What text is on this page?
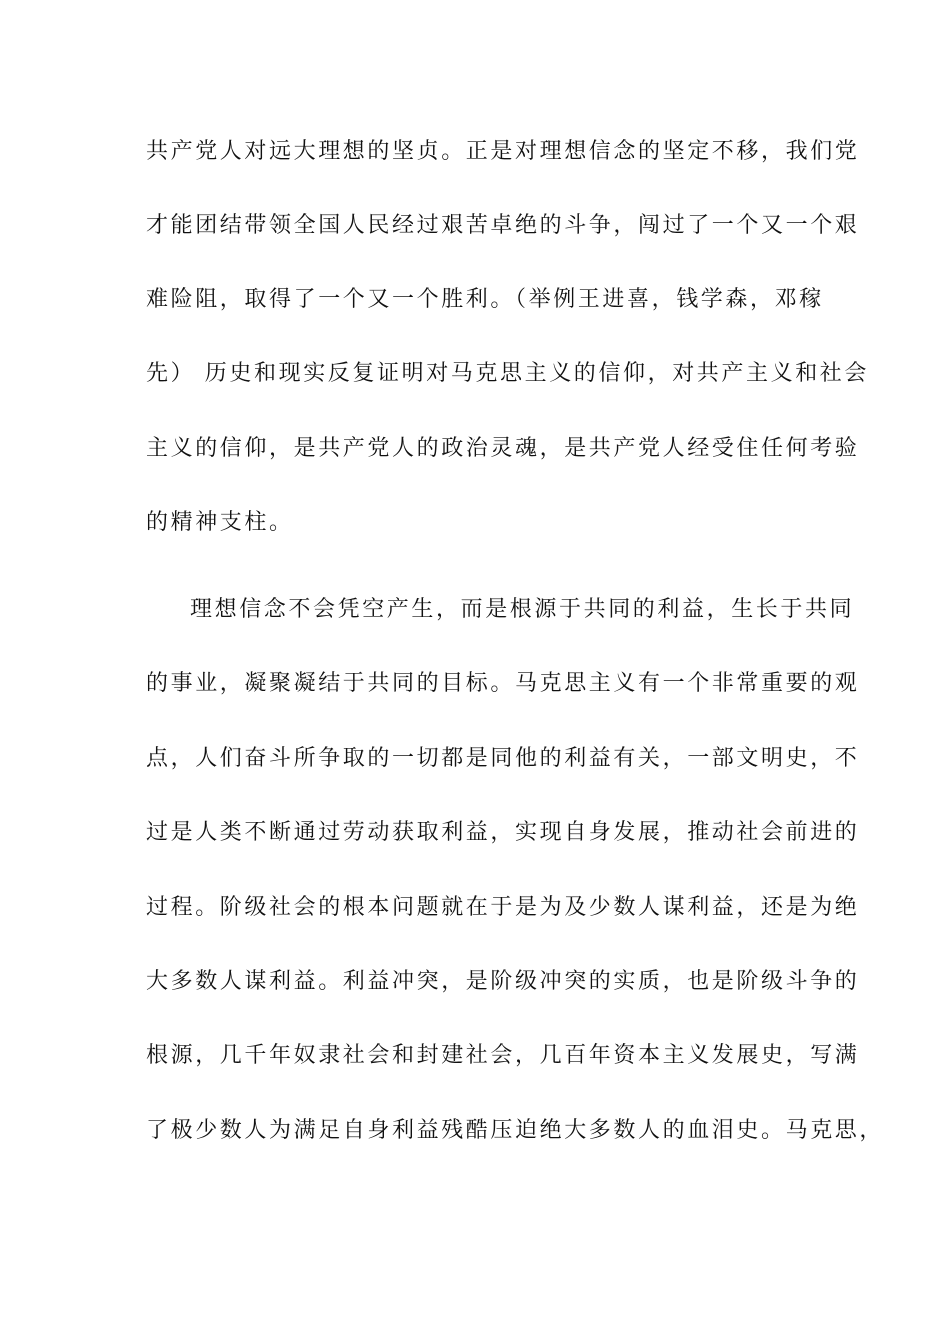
共产党人对远大理想的坚贞。正是对理想信念的坚定不移，我们党
才能团结带领全国人民经过艰苦卓绝的斗争，闯过了一个又一个艰
难险阻，取得了一个又一个胜利。（举例王进喜，钱学森，邓稼
先） 历史和现实反复证明对马克思主义的信仰，对共产主义和社会
主义的信仰，是共产党人的政治灵魂，是共产党人经受住任何考验
的精神支柱。
理想信念不会凭空产生，而是根源于共同的利益，生长于共同
的事业，凝聚凝结于共同的目标。马克思主义有一个非常重要的观
点，人们奋斗所争取的一切都是同他的利益有关，一部文明史，不
过是人类不断通过劳动获取利益，实现自身发展，推动社会前进的
过程。阶级社会的根本问题就在于是为及少数人谋利益，还是为绝
大多数人谋利益。利益冲突，是阶级冲突的实质，也是阶级斗争的
根源，几千年奴隶社会和封建社会，几百年资本主义发展史，写满
了极少数人为满足自身利益残酷压迫绝大多数人的血泪史。马克思，
